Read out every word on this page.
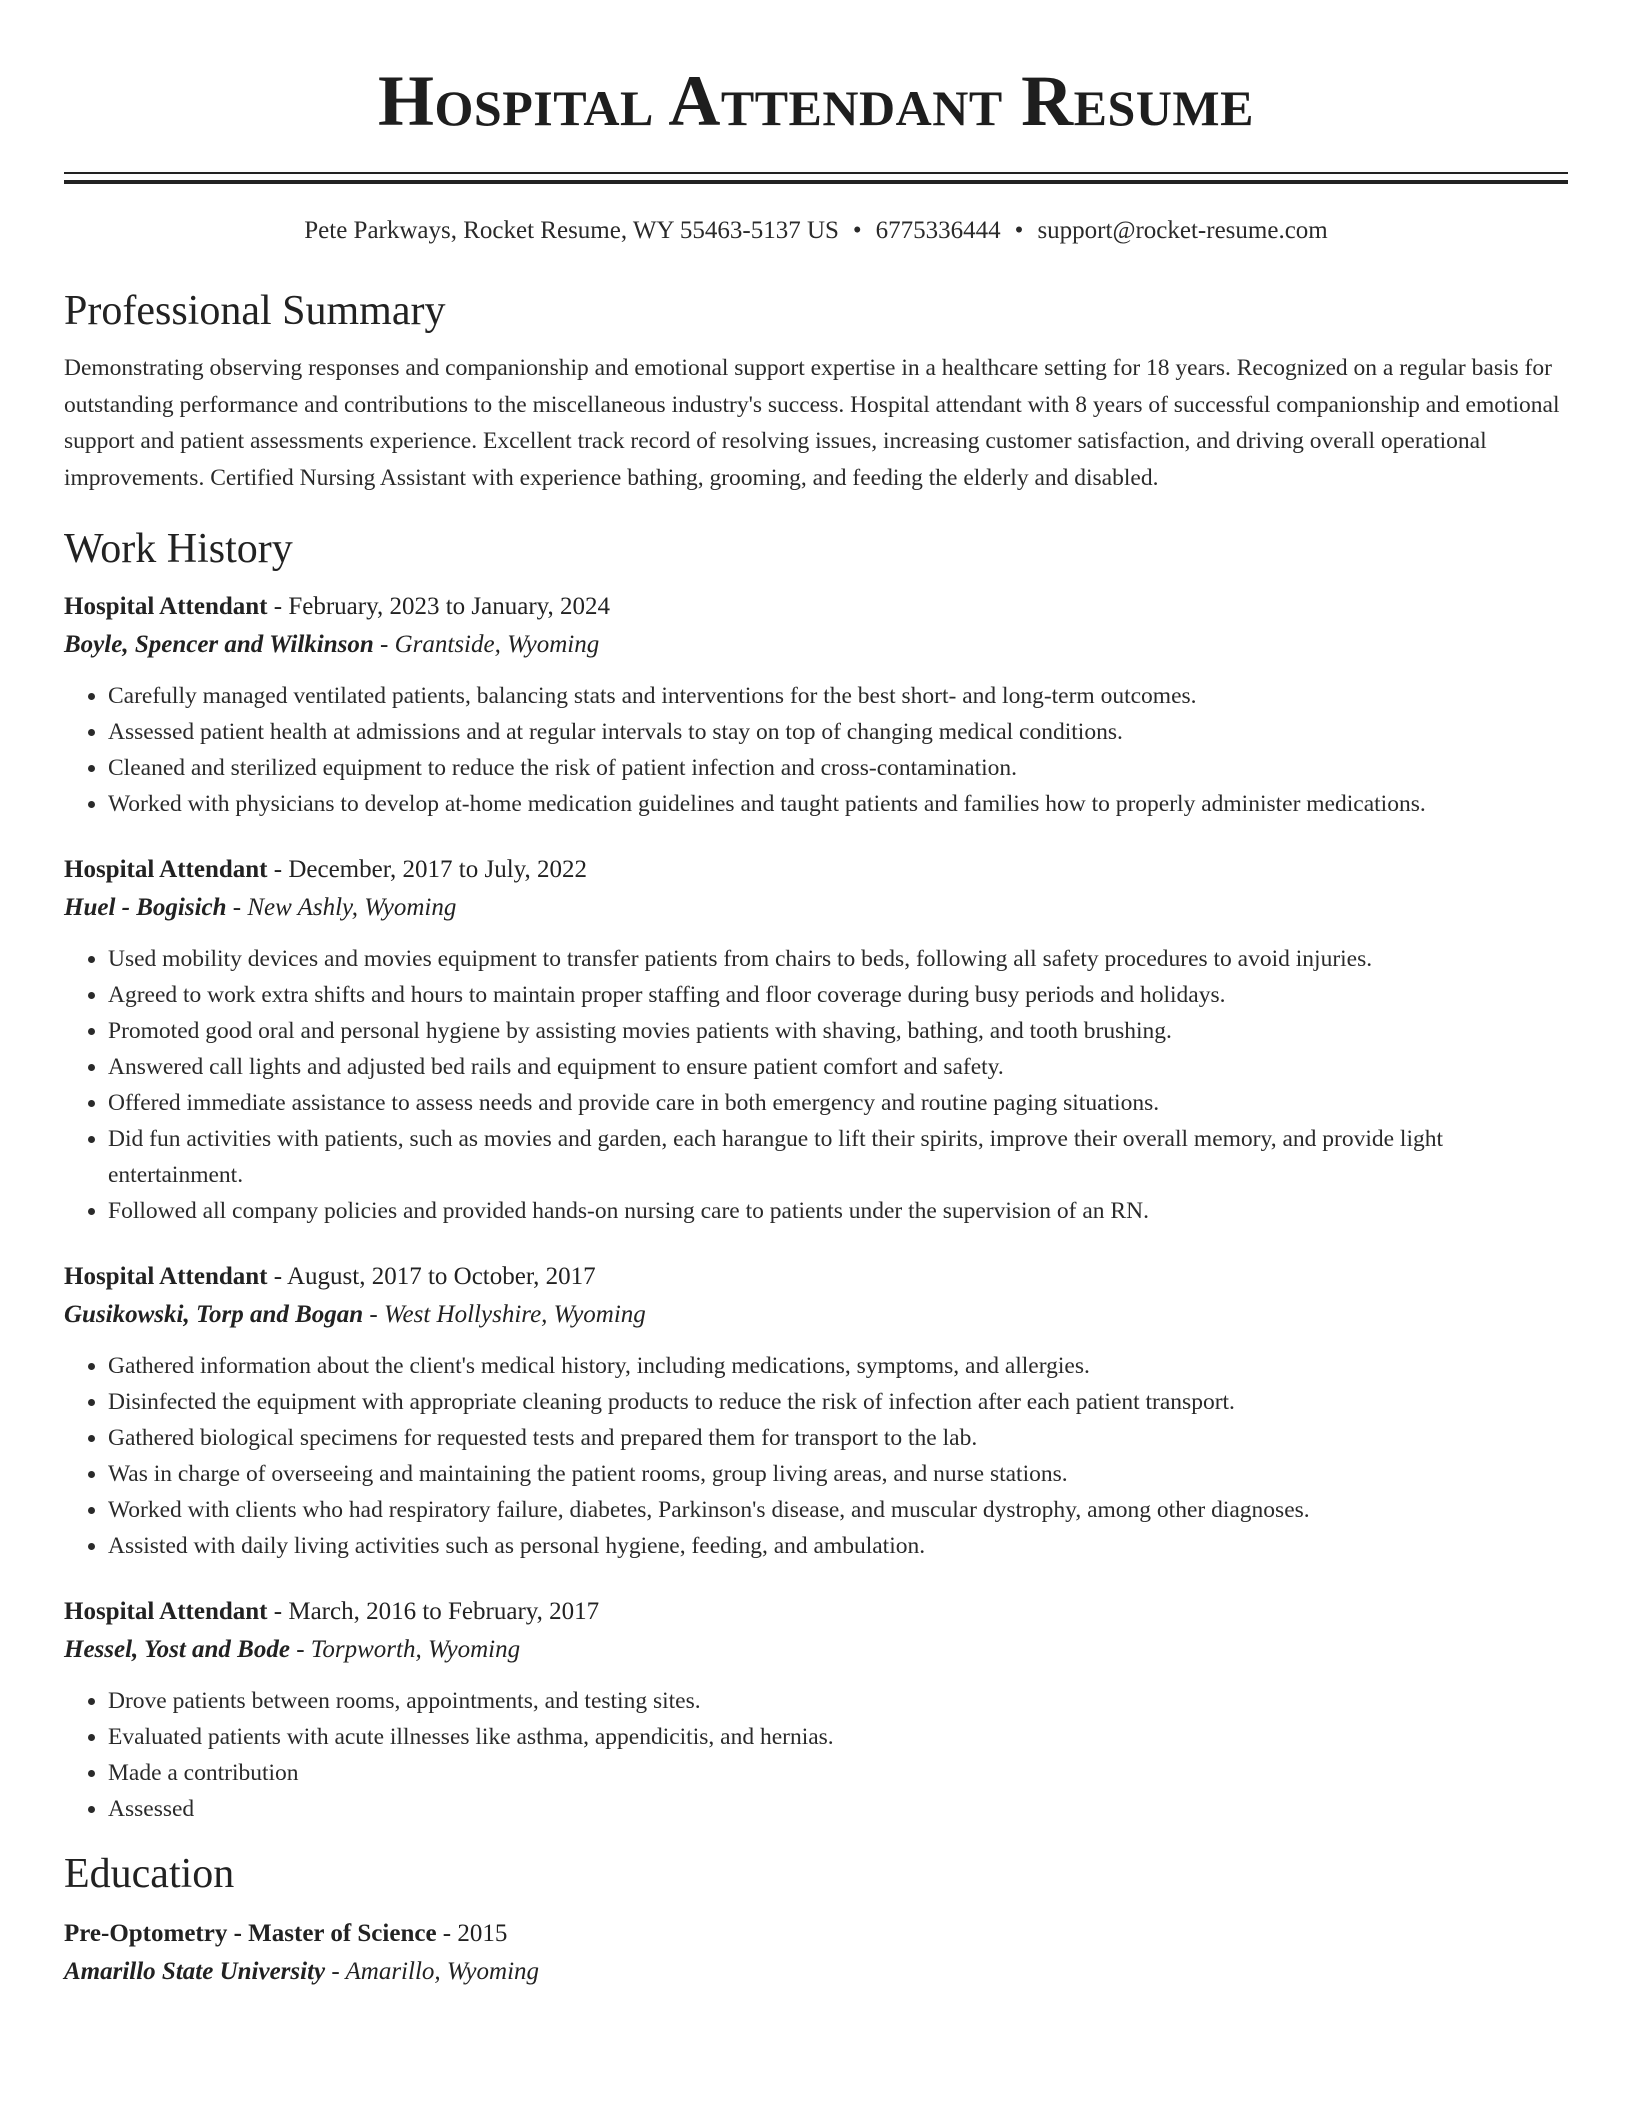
Hospital Attendant Resume
Pete Parkways, Rocket Resume, WY 55463-5137 US • 6775336444 • support@rocket-resume.com
Professional Summary

Demonstrating observing responses and companionship and emotional support expertise in a healthcare setting for 18 years. Recognized on a regular basis for outstanding performance and contributions to the miscellaneous industry's success. Hospital attendant with 8 years of successful companionship and emotional support and patient assessments experience. Excellent track record of resolving issues, increasing customer satisfaction, and driving overall operational improvements. Certified Nursing Assistant with experience bathing, grooming, and feeding the elderly and disabled.

Work History
Hospital Attendant - February, 2023 to January, 2024
Boyle, Spencer and Wilkinson - Grantside, Wyoming
• Carefully managed ventilated patients, balancing stats and interventions for the best short- and long-term outcomes.
• Assessed patient health at admissions and at regular intervals to stay on top of changing medical conditions.
• Cleaned and sterilized equipment to reduce the risk of patient infection and cross-contamination.
• Worked with physicians to develop at-home medication guidelines and taught patients and families how to properly administer medications.
Hospital Attendant - December, 2017 to July, 2022
Huel - Bogisich - New Ashly, Wyoming
• Used mobility devices and movies equipment to transfer patients from chairs to beds, following all safety procedures to avoid injuries.
• Agreed to work extra shifts and hours to maintain proper staffing and floor coverage during busy periods and holidays.
• Promoted good oral and personal hygiene by assisting movies patients with shaving, bathing, and tooth brushing.
• Answered call lights and adjusted bed rails and equipment to ensure patient comfort and safety.
• Offered immediate assistance to assess needs and provide care in both emergency and routine paging situations.
• Did fun activities with patients, such as movies and garden, each harangue to lift their spirits, improve their overall memory, and provide light entertainment.
• Followed all company policies and provided hands-on nursing care to patients under the supervision of an RN.
Hospital Attendant - August, 2017 to October, 2017
Gusikowski, Torp and Bogan - West Hollyshire, Wyoming
• Gathered information about the client's medical history, including medications, symptoms, and allergies.
• Disinfected the equipment with appropriate cleaning products to reduce the risk of infection after each patient transport.
• Gathered biological specimens for requested tests and prepared them for transport to the lab.
• Was in charge of overseeing and maintaining the patient rooms, group living areas, and nurse stations.
• Worked with clients who had respiratory failure, diabetes, Parkinson's disease, and muscular dystrophy, among other diagnoses.
• Assisted with daily living activities such as personal hygiene, feeding, and ambulation.
Hospital Attendant - March, 2016 to February, 2017
Hessel, Yost and Bode - Torpworth, Wyoming
• Drove patients between rooms, appointments, and testing sites.
• Evaluated patients with acute illnesses like asthma, appendicitis, and hernias.
• Made a contribution
• Assessed
Education
Pre-Optometry - Master of Science - 2015
Amarillo State University - Amarillo, Wyoming
